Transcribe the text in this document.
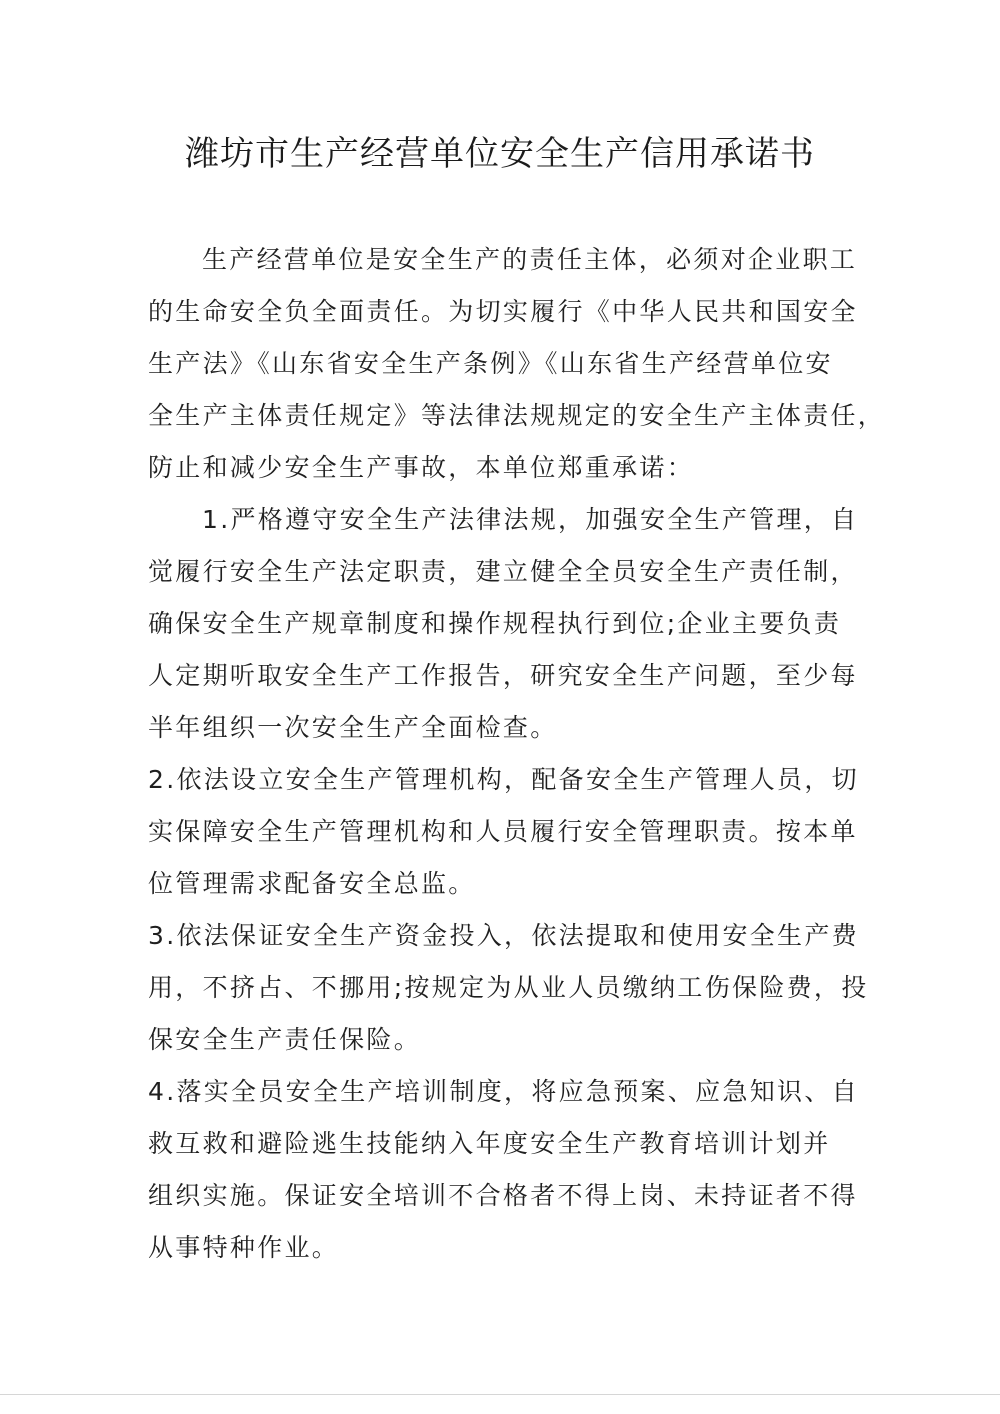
潍坊市生产经营单位安全生产信用承诺书
生产经营单位是安全生产的责任主体，必须对企业职工
的生命安全负全面责任。为切实履行《中华人民共和国安全
生产法》《山东省安全生产条例》《山东省生产经营单位安
全生产主体责任规定》等法律法规规定的安全生产主体责任，
防止和减少安全生产事故，本单位郑重承诺：
1.严格遵守安全生产法律法规，加强安全生产管理，自
觉履行安全生产法定职责，建立健全全员安全生产责任制，
确保安全生产规章制度和操作规程执行到位;企业主要负责
人定期听取安全生产工作报告，研究安全生产问题，至少每
半年组织一次安全生产全面检查。
2.依法设立安全生产管理机构，配备安全生产管理人员，切
实保障安全生产管理机构和人员履行安全管理职责。按本单
位管理需求配备安全总监。
3.依法保证安全生产资金投入，依法提取和使用安全生产费
用，不挤占、不挪用;按规定为从业人员缴纳工伤保险费，投
保安全生产责任保险。
4.落实全员安全生产培训制度，将应急预案、应急知识、自
救互救和避险逃生技能纳入年度安全生产教育培训计划并
组织实施。保证安全培训不合格者不得上岗、未持证者不得
从事特种作业。
